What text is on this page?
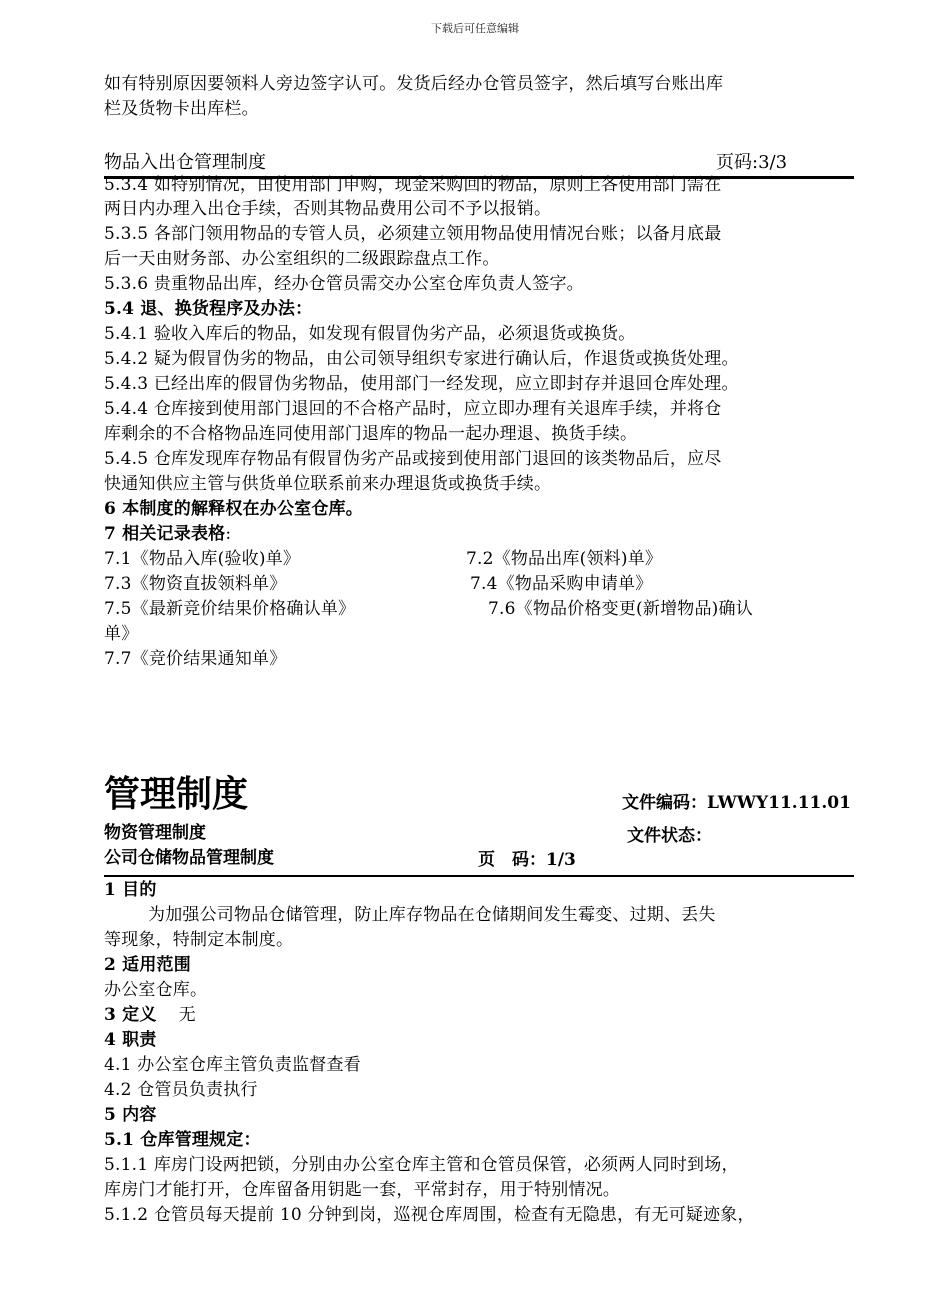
下载后可任意编辑
如有特别原因要领料人旁边签字认可。发货后经办仓管员签字，然后填写台账出库
栏及货物卡出库栏。
物品入出仓管理制度	页码:3/3
5.3.4 如特别情况，由使用部门申购，现金采购回的物品，原则上各使用部门需在
两日内办理入出仓手续，否则其物品费用公司不予以报销。
5.3.5 各部门领用物品的专管人员，必须建立领用物品使用情况台账；以备月底最
后一天由财务部、办公室组织的二级跟踪盘点工作。
5.3.6 贵重物品出库，经办仓管员需交办公室仓库负责人签字。
5.4 退、换货程序及办法：
5.4.1 验收入库后的物品，如发现有假冒伪劣产品，必须退货或换货。
5.4.2 疑为假冒伪劣的物品，由公司领导组织专家进行确认后，作退货或换货处理。
5.4.3 已经出库的假冒伪劣物品，使用部门一经发现，应立即封存并退回仓库处理。
5.4.4 仓库接到使用部门退回的不合格产品时，应立即办理有关退库手续，并将仓
库剩余的不合格物品连同使用部门退库的物品一起办理退、换货手续。
5.4.5 仓库发现库存物品有假冒伪劣产品或接到使用部门退回的该类物品后，应尽
快通知供应主管与供货单位联系前来办理退货或换货手续。
6 本制度的解释权在办公室仓库。
7 相关记录表格:
7.1《物品入库(验收)单》	7.2《物品出库(领料)单》
7.3《物资直拔领料单》	7.4《物品采购申请单》
7.5《最新竞价结果价格确认单》	7.6《物品价格变更(新增物品)确认
单》
7.7《竞价结果通知单》
管理制度	文件编码：LWWY11.11.01
物资管理制度	文件状态：
公司仓储物品管理制度	页　码：1/3
1 目的
为加强公司物品仓储管理，防止库存物品在仓储期间发生霉变、过期、丢失
等现象，特制定本制度。
2 适用范围
办公室仓库。
3 定义 无
4 职责
4.1 办公室仓库主管负责监督查看
4.2 仓管员负责执行
5 内容
5.1 仓库管理规定：
5.1.1 库房门设两把锁，分别由办公室仓库主管和仓管员保管，必须两人同时到场，
库房门才能打开，仓库留备用钥匙一套，平常封存，用于特别情况。
5.1.2 仓管员每天提前 10 分钟到岗，巡视仓库周围，检查有无隐患，有无可疑迹象，
